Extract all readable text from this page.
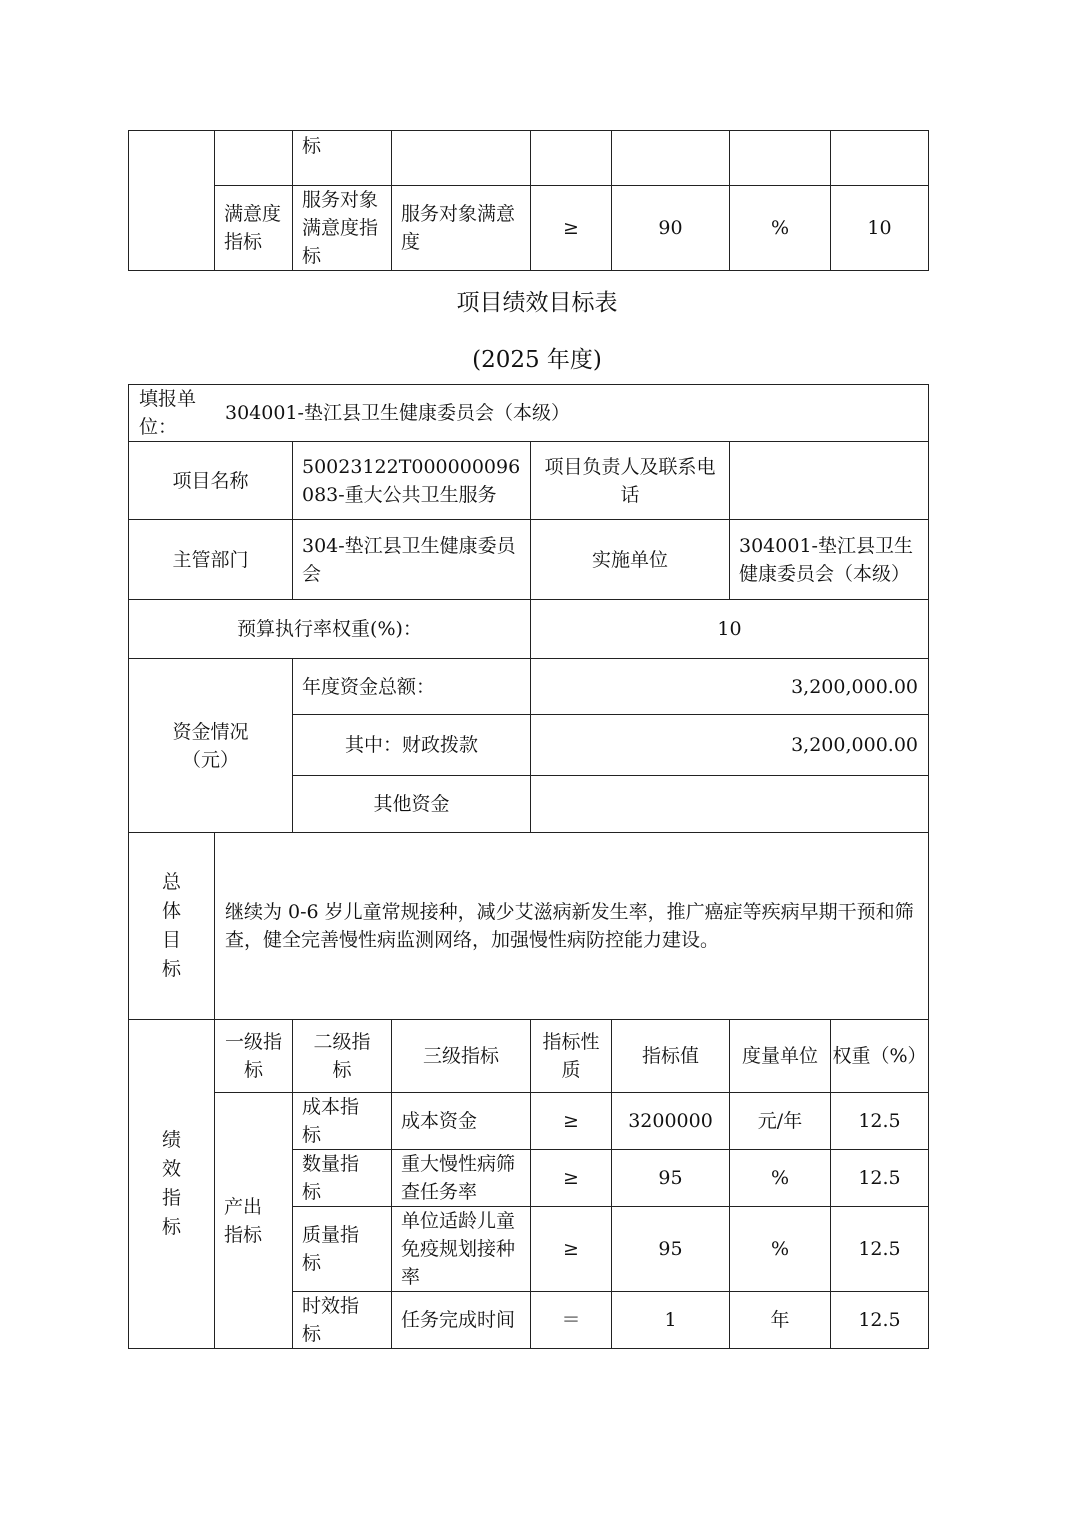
		标					
	满意度指标	服务对象满意度指标	服务对象满意度	≥	90	%	10
项目绩效目标表
(2025 年度)
填报单位：
304001-垫江县卫生健康委员会（本级）							

项目名称		50023122T000000096083-重大公共卫生服务		项目负责人及联系电话			
主管部门		304-垫江县卫生健康委员会		实施单位		304001-垫江县卫生健康委员会（本级）	
预算执行率权重(%)：				10			

资金情况（元）		年度资金总额：		3,200,000.00			
		其中：财政拨款		3,200,000.00			
		其他资金					
总体目标	继续为 0-6 岁儿童常规接种，减少艾滋病新发生率，推广癌症等疾病早期干预和筛查，健全完善慢性病监测网络，加强慢性病防控能力建设。						
绩效指标	一级指标	二级指标	三级指标	指标性质	指标值	度量单位	权重（%）
	产出指标	成本指标	成本资金	≥	3200000	元/年	12.5
		数量指标	重大慢性病筛查任务率	≥	95	%	12.5
		质量指标	单位适龄儿童免疫规划接种率	≥	95	%	12.5
		时效指标	任务完成时间	＝	1	年	12.5
